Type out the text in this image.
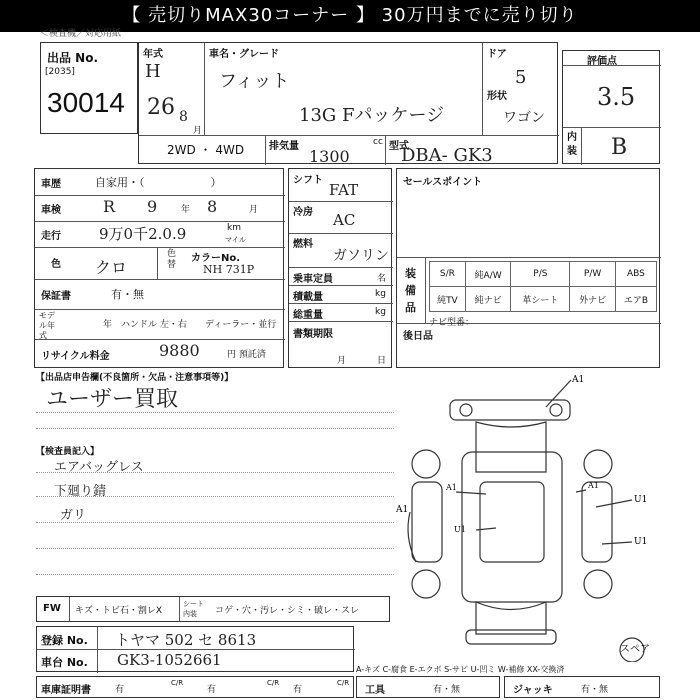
【 売切りMAX30コーナー 】 30万円までに売り切り
＜検査機／対応用紙
出品 No.
[2035]
30014
年式
H
26 8
月
車名・グレード
フィット
13G Fパッケージ
ドア
5
形状
ワゴン
2WD ・ 4WD 排気量	cc
1300
型式
DBA- GK3
評価点
3.5
内装 B
車歴	自家用・（　　　　　　）
車検	R 9	年 8	月
走行	9万0千2.0.9	km
マイル
色 クロ
色替
カラーNo.
NH 731P
保証書	有・無
モデル年式
年 ハンドル 左・右 ディーラー・並行
リサイクル料金	9880	円 預託済
シフト
FAT
冷房 AC
燃料
ガソリン
乗車定員	名
積載量	kg
総重量	kg
書類期限
月	日
セールスポイント
装備品
S/R	純A/W	P/S	P/W	ABS
純TV	純ナビ	革シート	外ナビ	エアB
ナビ型番：
後日品
【出品店申告欄(不良箇所・欠品・注意事項等)】
ユーザー買取
【検査員記入】
エアバッグレス
下廻り錆
ガリ
FW キズ・トビ石・割レX
シート内装	コゲ・穴・汚レ・シミ・破レ・スレ
登録 No. トヤマ 502 セ 8613
車台 No. GK3-1052661
車庫証明書	有
C/R
有
C/R
有
C/R
A-キズ C-腐食 E-エクボ S-サビ U-凹ミ W-補修 XX-交換済
工具	有・無	ジャッキ	有・無
A1
U1
U1
A1
A1
U1
A1
スペア
